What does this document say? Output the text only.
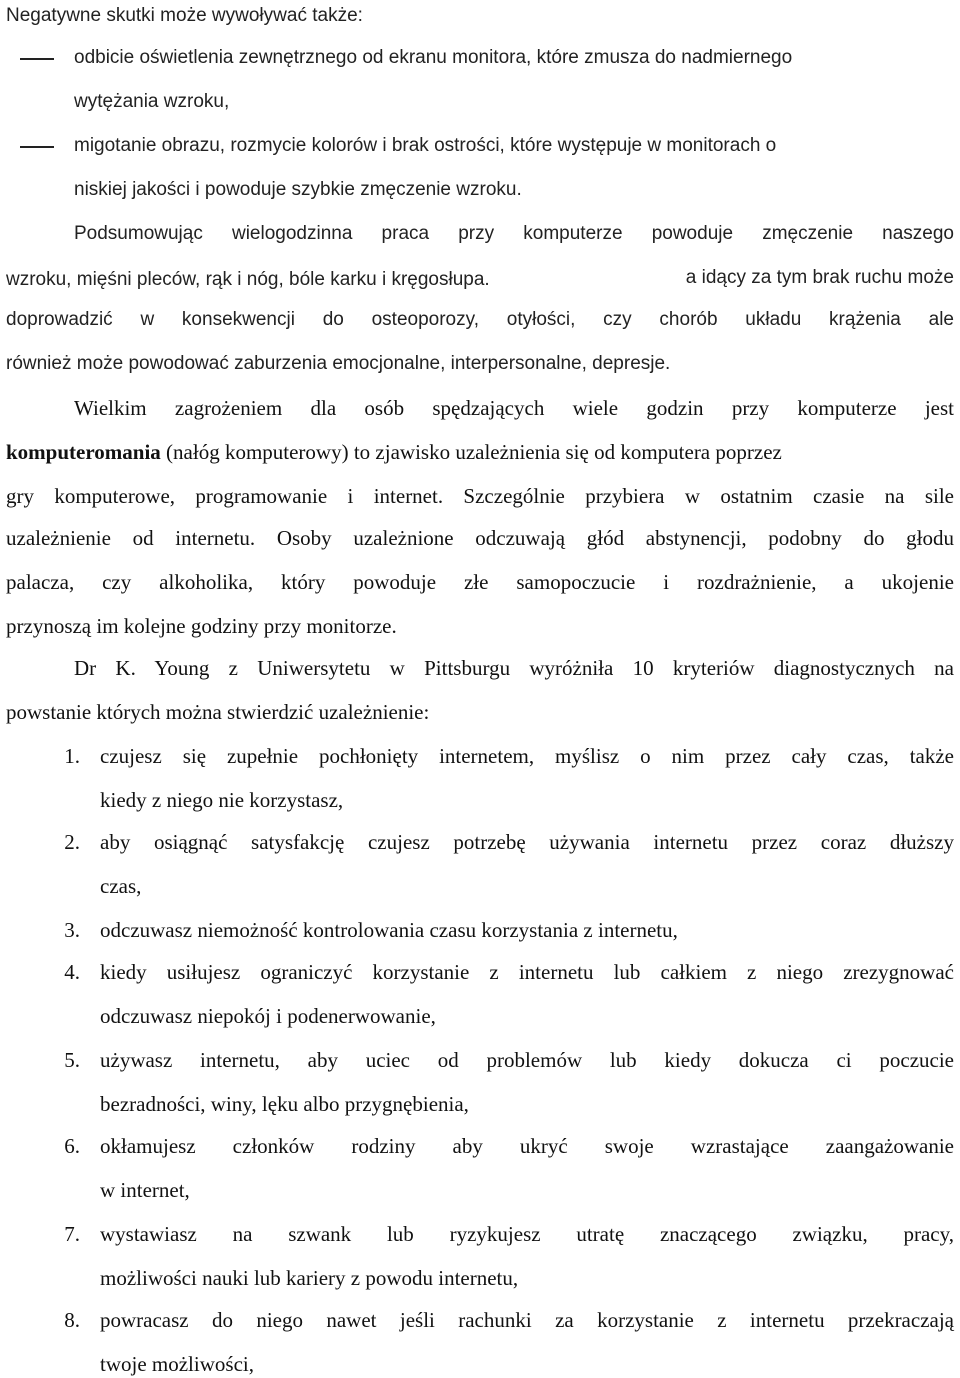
Negatywne skutki może wywoływać także:
odbicie oświetlenia zewnętrznego od ekranu monitora, które zmusza do nadmiernego
wytężania wzroku,
migotanie obrazu, rozmycie kolorów i brak ostrości, które występuje w monitorach o
niskiej jakości i powoduje szybkie zmęczenie wzroku.
Podsumowując wielogodzinna praca przy komputerze powoduje zmęczenie naszego
wzroku, mięśni pleców, rąk i nóg, bóle karku i kręgosłupa.	a idący za tym brak ruchu może
doprowadzić w konsekwencji do osteoporozy, otyłości, czy chorób układu krążenia ale
również może powodować zaburzenia emocjonalne, interpersonalne, depresje.
Wielkim zagrożeniem dla osób spędzających wiele godzin przy komputerze jest
komputeromania (nałóg komputerowy) to zjawisko uzależnienia się od komputera poprzez
gry komputerowe, programowanie i internet. Szczególnie przybiera w ostatnim czasie na sile
uzależnienie od internetu. Osoby uzależnione odczuwają głód abstynencji, podobny do głodu
palacza, czy alkoholika, który powoduje złe samopoczucie i rozdrażnienie, a ukojenie
przynoszą im kolejne godziny przy monitorze.
Dr K. Young z Uniwersytetu w Pittsburgu wyróżniła 10 kryteriów diagnostycznych na
powstanie których można stwierdzić uzależnienie:
1. czujesz się zupełnie pochłonięty internetem, myślisz o nim przez cały czas, także
kiedy z niego nie korzystasz,
2. aby osiągnąć satysfakcję czujesz potrzebę używania internetu przez coraz dłuższy
czas,
3. odczuwasz niemożność kontrolowania czasu korzystania z internetu,
4. kiedy usiłujesz ograniczyć korzystanie z internetu lub całkiem z niego zrezygnować
odczuwasz niepokój i podenerwowanie,
5. używasz internetu, aby uciec od problemów lub kiedy dokucza ci poczucie
bezradności, winy, lęku albo przygnębienia,
6. okłamujesz członków rodziny aby ukryć swoje wzrastające zaangażowanie
w internet,
7. wystawiasz na szwank lub ryzykujesz utratę znaczącego związku, pracy,
możliwości nauki lub kariery z powodu internetu,
8. powracasz do niego nawet jeśli rachunki za korzystanie z internetu przekraczają
twoje możliwości,
